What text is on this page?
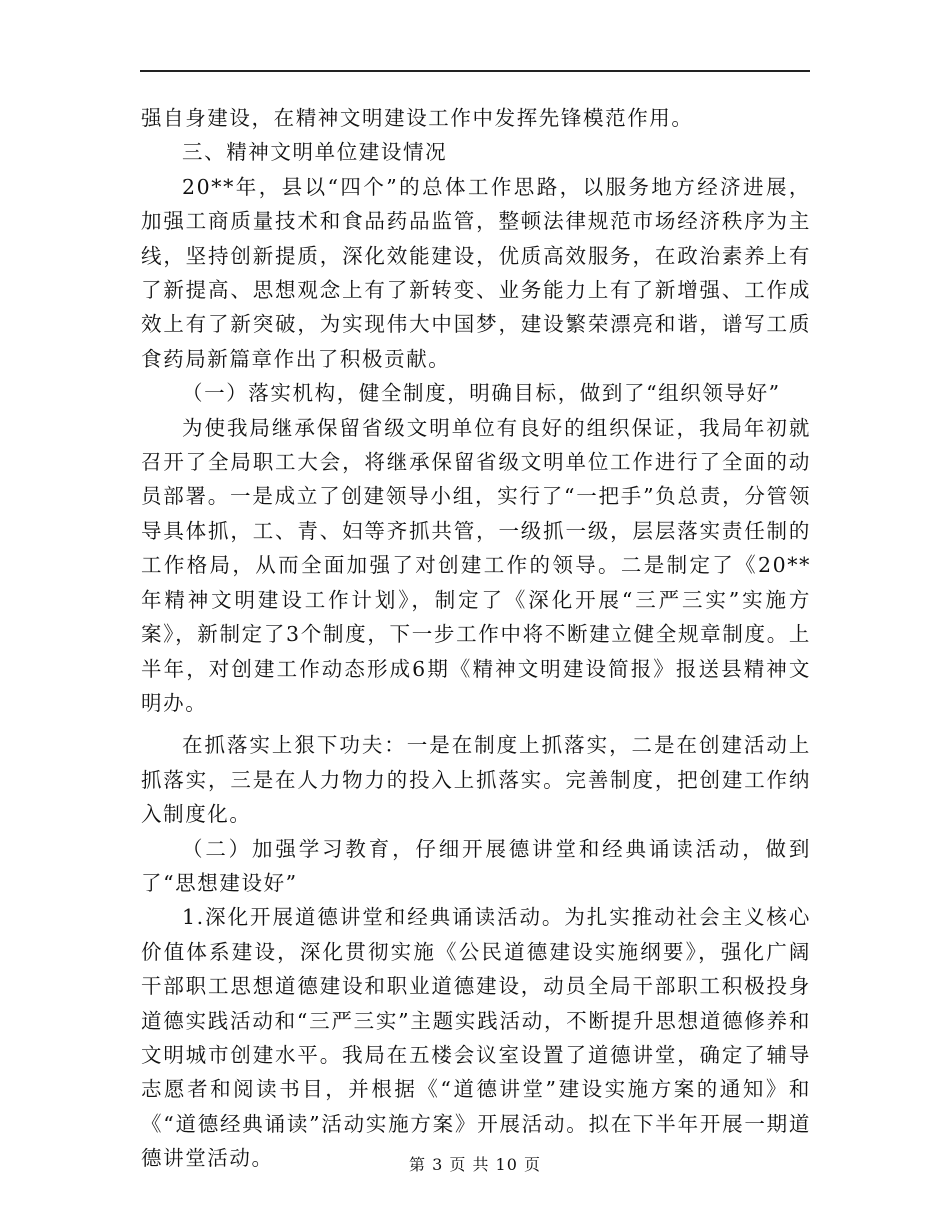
强自身建设，在精神文明建设工作中发挥先锋模范作用。

三、精神文明单位建设情况

20**年，县以“四个”的总体工作思路，以服务地方经济进展，加强工商质量技术和食品药品监管，整顿法律规范市场经济秩序为主线，坚持创新提质，深化效能建设，优质高效服务，在政治素养上有了新提高、思想观念上有了新转变、业务能力上有了新增强、工作成效上有了新突破，为实现伟大中国梦，建设繁荣漂亮和谐，谱写工质食药局新篇章作出了积极贡献。

（一）落实机构，健全制度，明确目标，做到了“组织领导好”

为使我局继承保留省级文明单位有良好的组织保证，我局年初就召开了全局职工大会，将继承保留省级文明单位工作进行了全面的动员部署。一是成立了创建领导小组，实行了“一把手”负总责，分管领导具体抓，工、青、妇等齐抓共管，一级抓一级，层层落实责任制的工作格局，从而全面加强了对创建工作的领导。二是制定了《20**年精神文明建设工作计划》，制定了《深化开展“三严三实”实施方案》，新制定了3个制度，下一步工作中将不断建立健全规章制度。上半年，对创建工作动态形成6期《精神文明建设简报》报送县精神文明办。

在抓落实上狠下功夫：一是在制度上抓落实，二是在创建活动上抓落实，三是在人力物力的投入上抓落实。完善制度，把创建工作纳入制度化。

（二）加强学习教育，仔细开展德讲堂和经典诵读活动，做到了“思想建设好”

1.深化开展道德讲堂和经典诵读活动。为扎实推动社会主义核心价值体系建设，深化贯彻实施《公民道德建设实施纲要》，强化广阔干部职工思想道德建设和职业道德建设，动员全局干部职工积极投身道德实践活动和“三严三实”主题实践活动，不断提升思想道德修养和文明城市创建水平。我局在五楼会议室设置了道德讲堂，确定了辅导志愿者和阅读书目，并根据《“道德讲堂”建设实施方案的通知》和《“道德经典诵读”活动实施方案》开展活动。拟在下半年开展一期道德讲堂活动。	第 3 页 共 10 页
